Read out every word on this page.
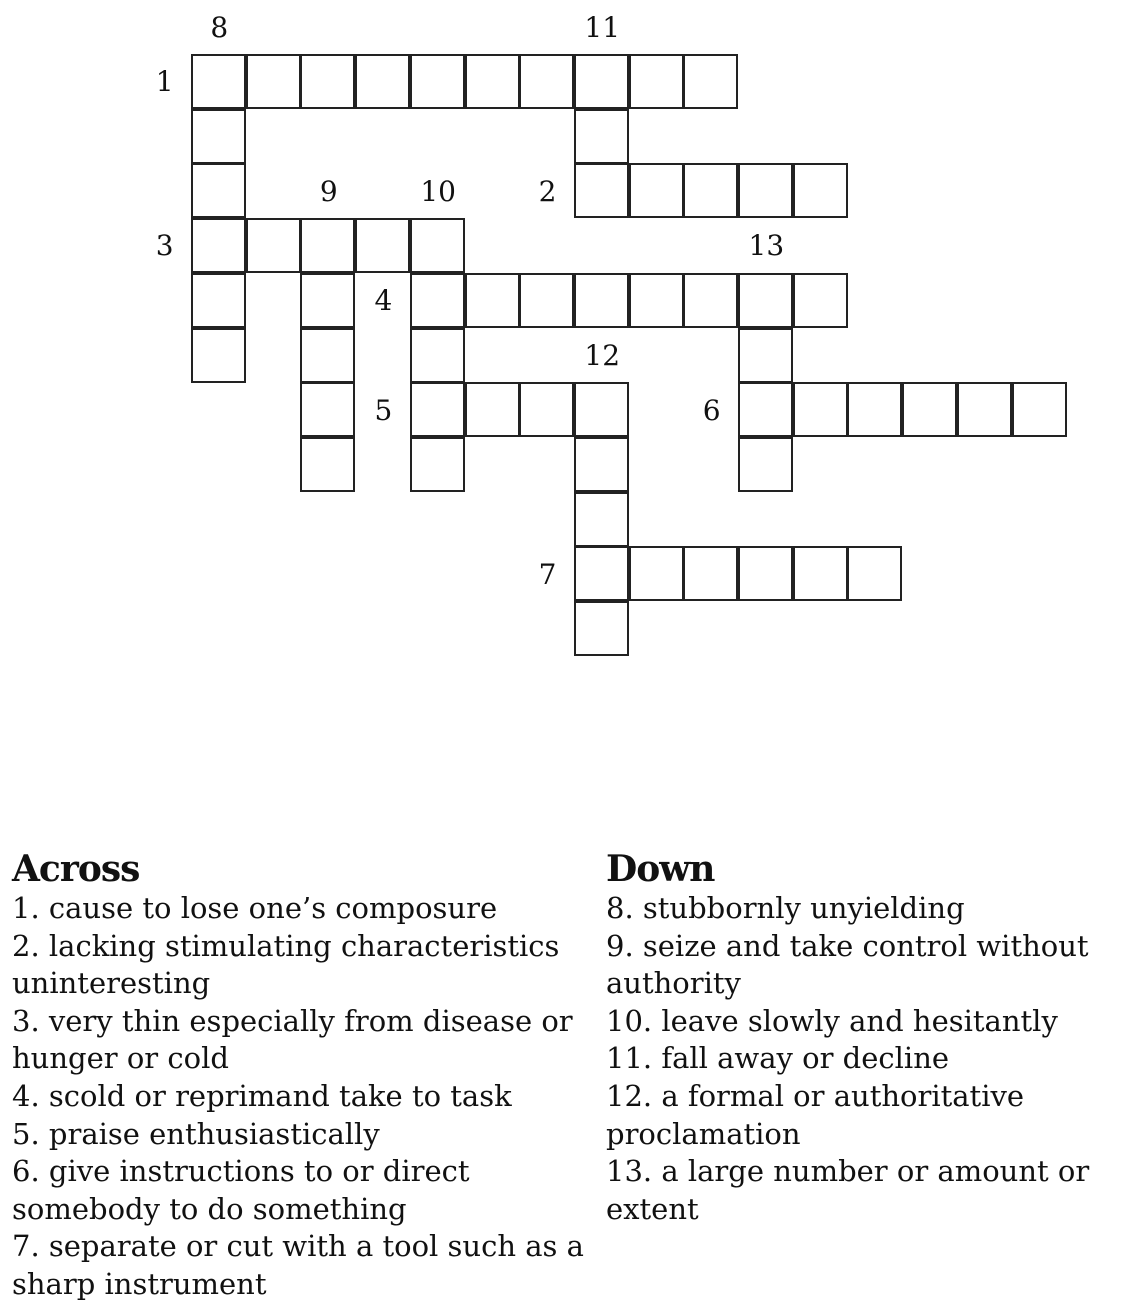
1
2
3
4
5	6
7
8
9	10
11
12
13
Across
1. cause to lose one’s composure
2. lacking stimulating characteristics uninteresting
3. very thin especially from disease or hunger or cold
4. scold or reprimand take to task
5. praise enthusiastically
6. give instructions to or direct somebody to do something
7. separate or cut with a tool such as a sharp instrument
Down
8. stubbornly unyielding
9. seize and take control without authority
10. leave slowly and hesitantly
11. fall away or decline
12. a formal or authoritative proclamation
13. a large number or amount or extent
